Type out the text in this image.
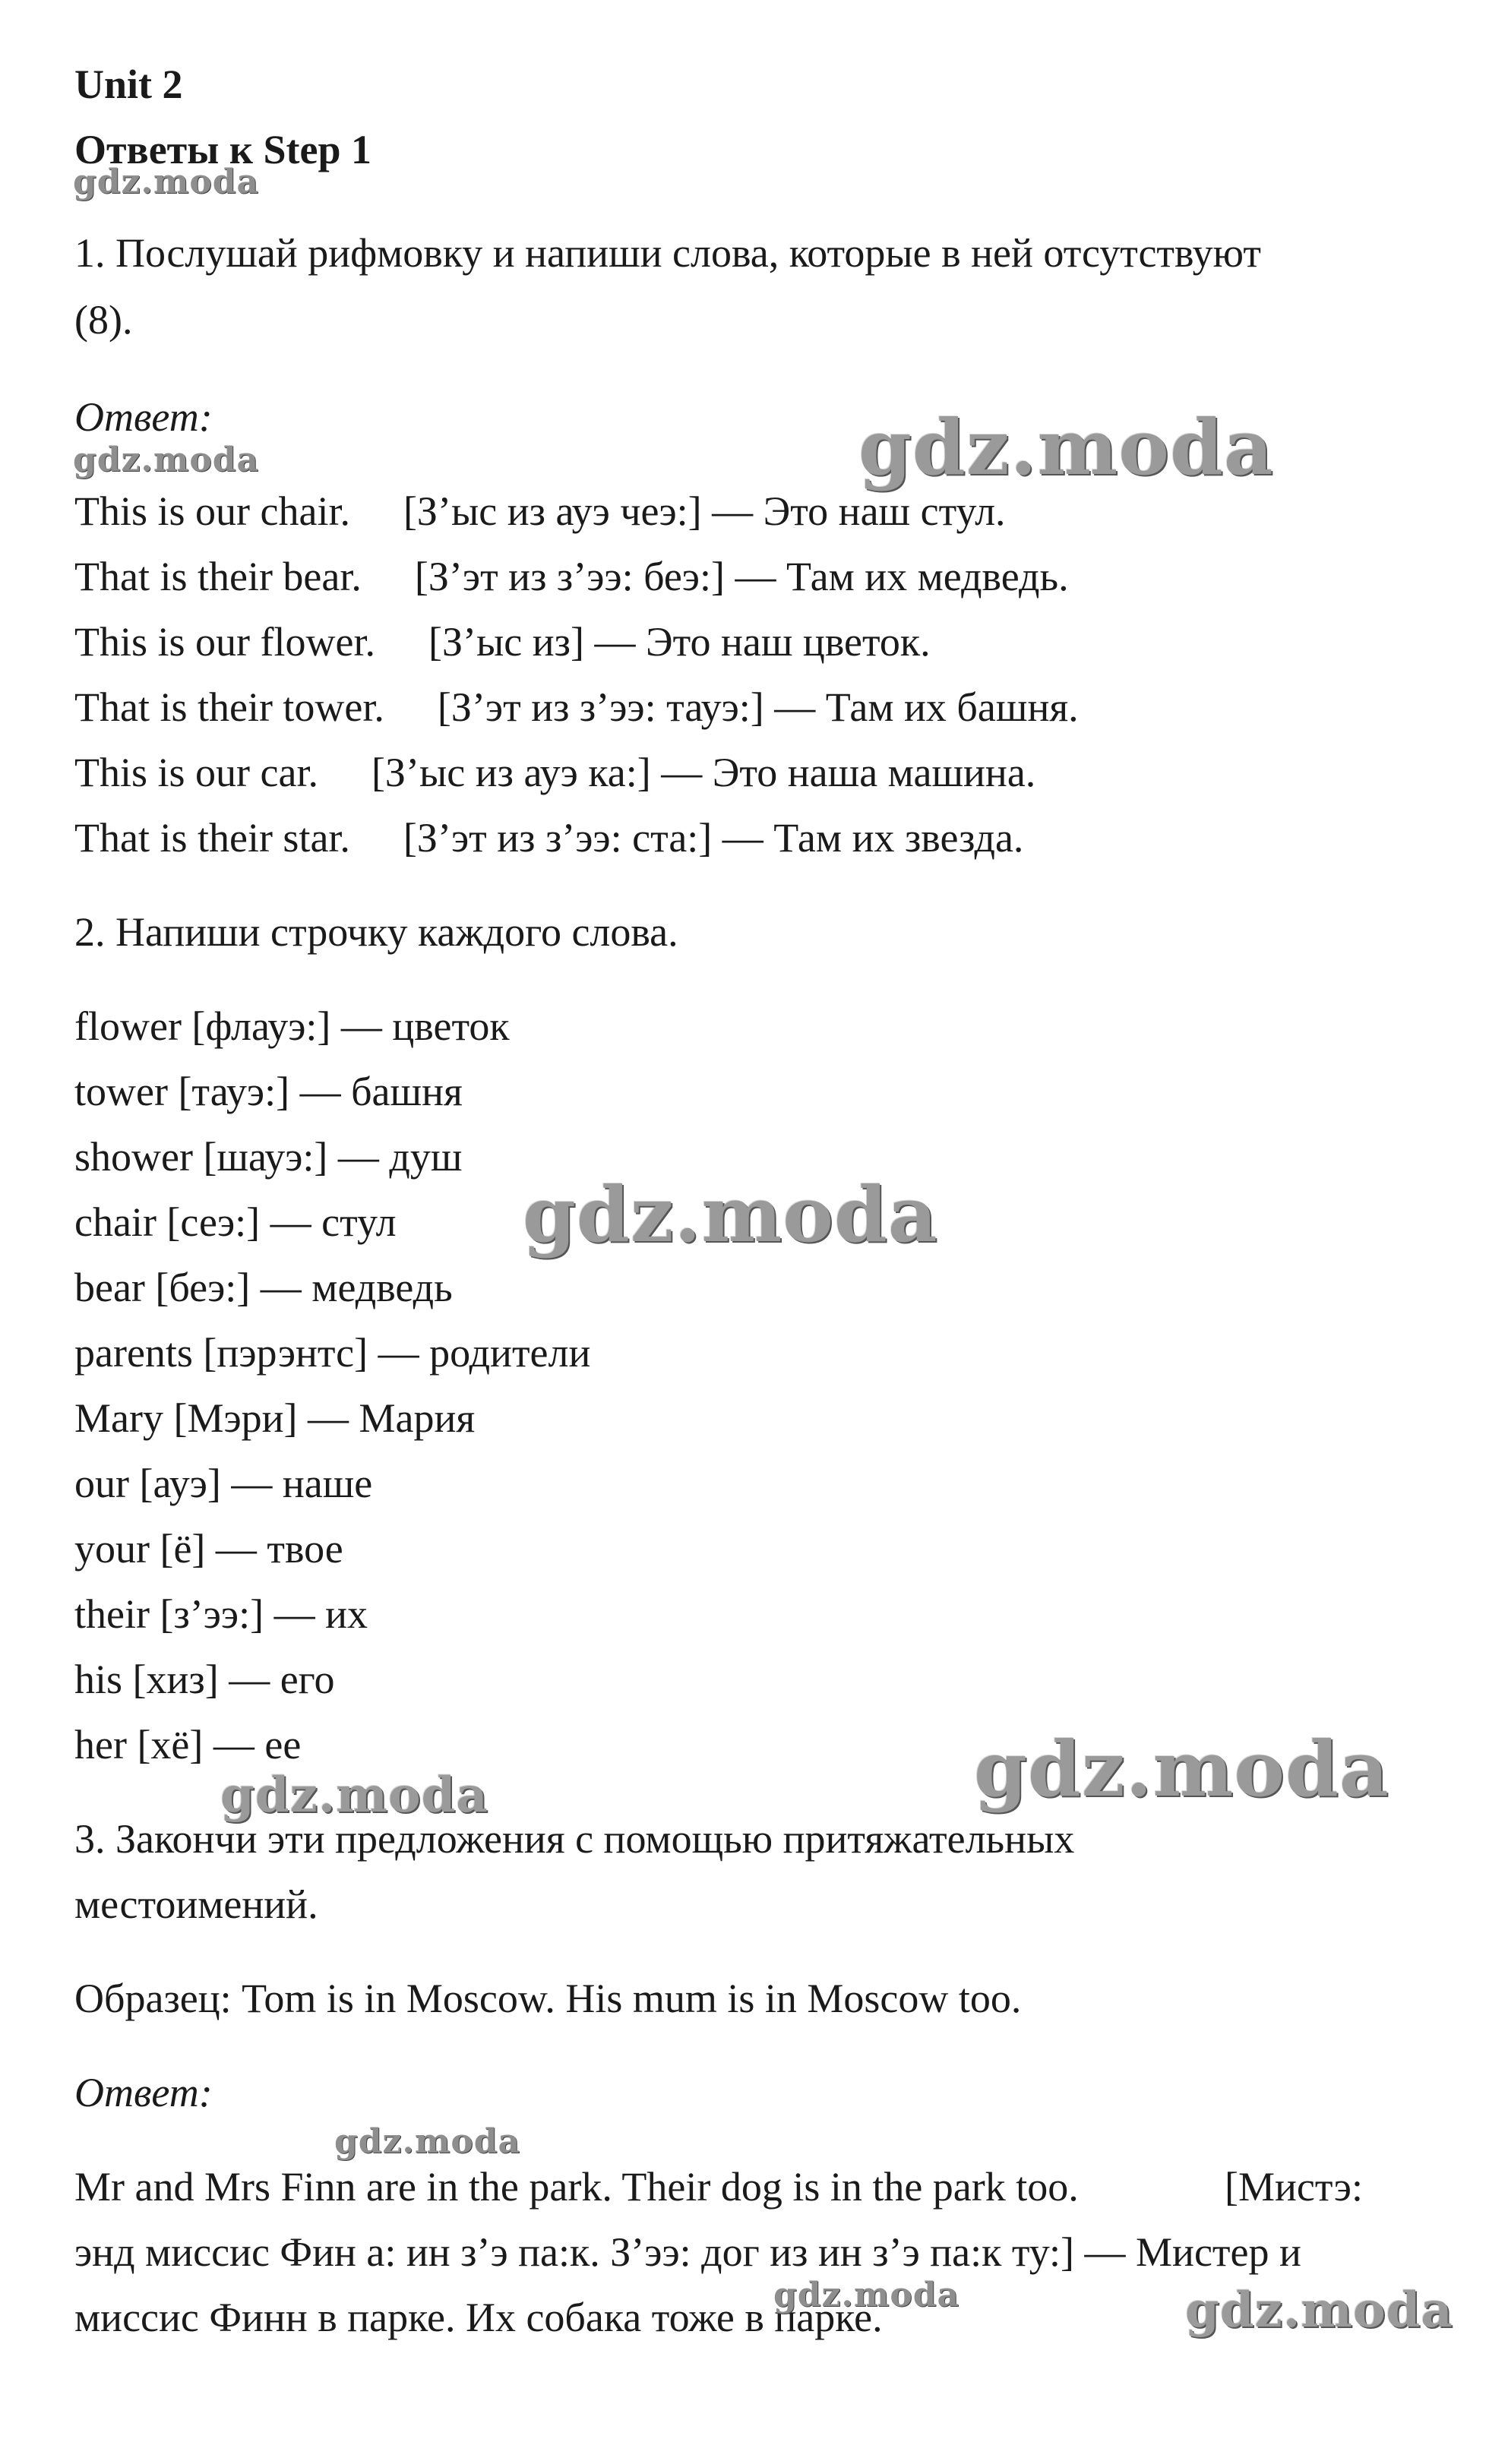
Unit 2
Ответы к Step 1
1. Послушай рифмовку и напиши слова, которые в ней отсутствуют
(8).
Ответ:
This is our chair. [З’ыс из ауэ чеэ:] — Это наш стул.
That is their bear. [З’эт из з’ээ: беэ:] — Там их медведь.
This is our flower. [З’ыс из] — Это наш цветок.
That is their tower. [З’эт из з’ээ: тауэ:] — Там их башня.
This is our car. [З’ыс из ауэ ка:] — Это наша машина.
That is their star. [З’эт из з’ээ: ста:] — Там их звезда.
2. Напиши строчку каждого слова.
flower [флауэ:] — цветок
tower [тауэ:] — башня
shower [шауэ:] — душ
chair [сеэ:] — стул
bear [беэ:] — медведь
parents [пэрэнтс] — родители
Mary [Мэри] — Мария
our [ауэ] — наше
your [ё] — твое
their [з’ээ:] — их
his [хиз] — его
her [хё] — ее
3. Закончи эти предложения с помощью притяжательных
местоимений.
Образец: Tom is in Moscow. His mum is in Moscow too.
Ответ:
Mr and Mrs Finn are in the park. Their dog is in the park too.	[Мистэ:
энд миссис Фин а: ин з’э па:к. З’ээ: дог из ин з’э па:к ту:] — Мистер и
миссис Финн в парке. Их собака тоже в парке.
gdz.moda
gdz.moda	gdz.moda
gdz.moda
gdz.moda
gdz.moda
gdz.moda
gdz.moda	gdz.moda
